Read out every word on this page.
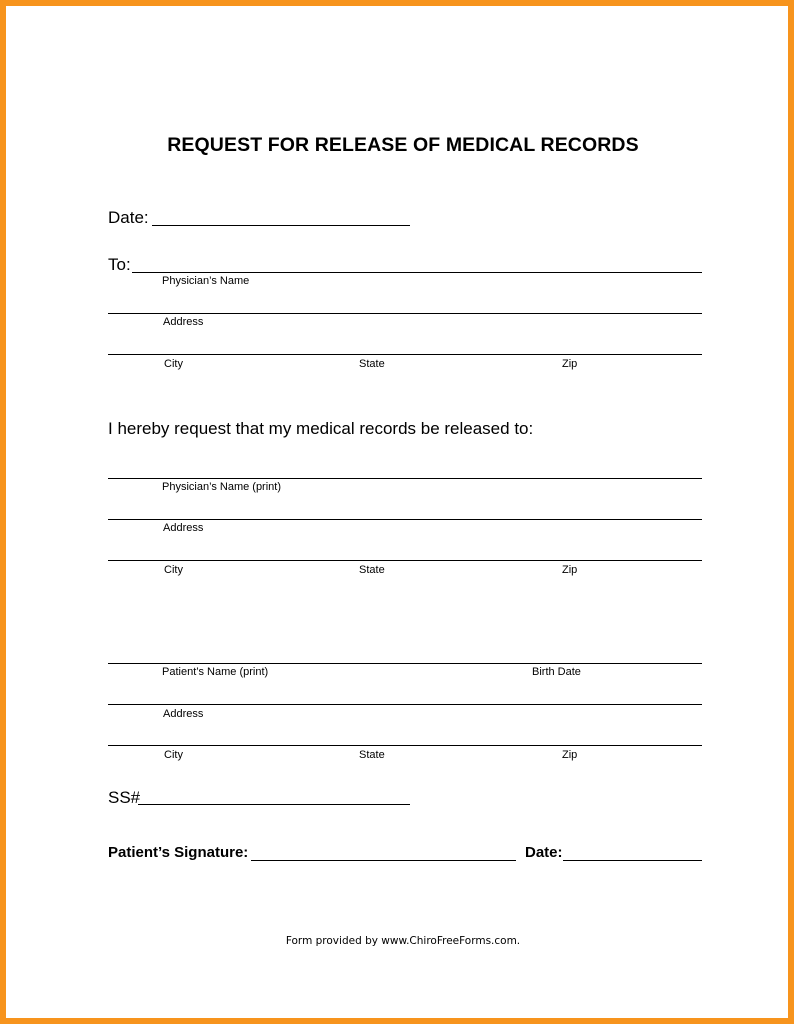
REQUEST FOR RELEASE OF MEDICAL RECORDS
Date:
To:
Physician’s Name
Address
City	State	Zip
I hereby request that my medical records be released to:
Physician’s Name (print)
Address
City	State	Zip
Patient’s Name (print)	Birth Date
Address
City	State	Zip
SS#
Patient’s Signature:	Date:
Form provided by www.ChiroFreeForms.com.
